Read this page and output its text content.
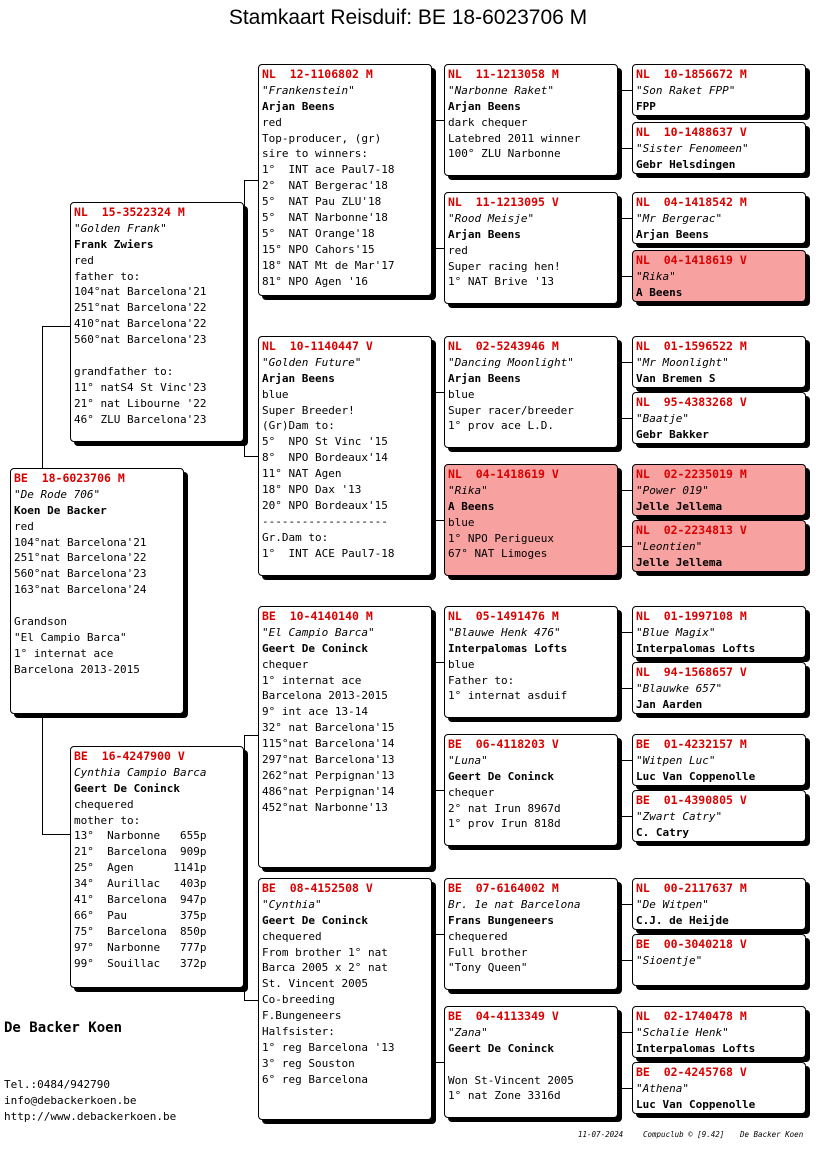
Stamkaart Reisduif: BE 18-6023706 M
BE  18-6023706 M
"De Rode 706"
Koen De Backer
red
104°nat Barcelona'21
251°nat Barcelona'22
560°nat Barcelona'23
163°nat Barcelona'24
Grandson
"El Campio Barca"
1° internat ace
Barcelona 2013-2015
NL  15-3522324 M
"Golden Frank"
Frank Zwiers
red
father to:
104°nat Barcelona'21
251°nat Barcelona'22
410°nat Barcelona'22
560°nat Barcelona'23
grandfather to:
11° natS4 St Vinc'23
21° nat Libourne '22
46° ZLU Barcelona'23
BE  16-4247900 V
Cynthia Campio Barca
Geert De Coninck
chequered
mother to:
13°  Narbonne   655p
21°  Barcelona  909p
25°  Agen      1141p
34°  Aurillac   403p
41°  Barcelona  947p
66°  Pau        375p
75°  Barcelona  850p
97°  Narbonne   777p
99°  Souillac   372p
NL  12-1106802 M
"Frankenstein"
Arjan Beens
red
Top-producer, (gr)
sire to winners:
1°  INT ace Paul7-18
2°  NAT Bergerac'18
5°  NAT Pau ZLU'18
5°  NAT Narbonne'18
5°  NAT Orange'18
15° NPO Cahors'15
18° NAT Mt de Mar'17
81° NPO Agen '16
NL  10-1140447 V
"Golden Future"
Arjan Beens
blue
Super Breeder!
(Gr)Dam to:
5°  NPO St Vinc '15
8°  NPO Bordeaux'14
11° NAT Agen
18° NPO Dax '13
20° NPO Bordeaux'15
-------------------
Gr.Dam to:
1°  INT ACE Paul7-18
BE  10-4140140 M
"El Campio Barca"
Geert De Coninck
chequer
1° internat ace
Barcelona 2013-2015
9° int ace 13-14
32° nat Barcelona'15
115°nat Barcelona'14
297°nat Barcelona'13
262°nat Perpignan'13
486°nat Perpignan'14
452°nat Narbonne'13
BE  08-4152508 V
"Cynthia"
Geert De Coninck
chequered
From brother 1° nat
Barca 2005 x 2° nat
St. Vincent 2005
Co-breeding
F.Bungeneers
Halfsister:
1° reg Barcelona '13
3° reg Souston
6° reg Barcelona
NL  11-1213058 M
"Narbonne Raket"
Arjan Beens
dark chequer
Latebred 2011 winner
100° ZLU Narbonne
NL  11-1213095 V
"Rood Meisje"
Arjan Beens
red
Super racing hen!
1° NAT Brive '13
NL  02-5243946 M
"Dancing Moonlight"
Arjan Beens
blue
Super racer/breeder
1° prov ace L.D.
NL  04-1418619 V
"Rika"
A Beens
blue
1° NPO Perigueux
67° NAT Limoges
NL  05-1491476 M
"Blauwe Henk 476"
Interpalomas Lofts
blue
Father to:
1° internat asduif
BE  06-4118203 V
"Luna"
Geert De Coninck
chequer
2° nat Irun 8967d
1° prov Irun 818d
BE  07-6164002 M
Br. 1e nat Barcelona
Frans Bungeneers
chequered
Full brother
"Tony Queen"
BE  04-4113349 V
"Zana"
Geert De Coninck
Won St-Vincent 2005
1° nat Zone 3316d
NL  10-1856672 M
"Son Raket FPP"
FPP
NL  10-1488637 V
"Sister Fenomeen"
Gebr Helsdingen
NL  04-1418542 M
"Mr Bergerac"
Arjan Beens
NL  04-1418619 V
"Rika"
A Beens
NL  01-1596522 M
"Mr Moonlight"
Van Bremen S
NL  95-4383268 V
"Baatje"
Gebr Bakker
NL  02-2235019 M
"Power 019"
Jelle Jellema
NL  02-2234813 V
"Leontien"
Jelle Jellema
NL  01-1997108 M
"Blue Magix"
Interpalomas Lofts
NL  94-1568657 V
"Blauwke 657"
Jan Aarden
BE  01-4232157 M
"Witpen Luc"
Luc Van Coppenolle
BE  01-4390805 V
"Zwart Catry"
C. Catry
NL  00-2117637 M
"De Witpen"
C.J. de Heijde
BE  00-3040218 V
"Sioentje"
NL  02-1740478 M
"Schalie Henk"
Interpalomas Lofts
BE  02-4245768 V
"Athena"
Luc Van Coppenolle
De Backer Koen
Tel.:0484/942790
info@debackerkoen.be
http://www.debackerkoen.be
11-07-2024	Compuclub © [9.42] De Backer Koen
